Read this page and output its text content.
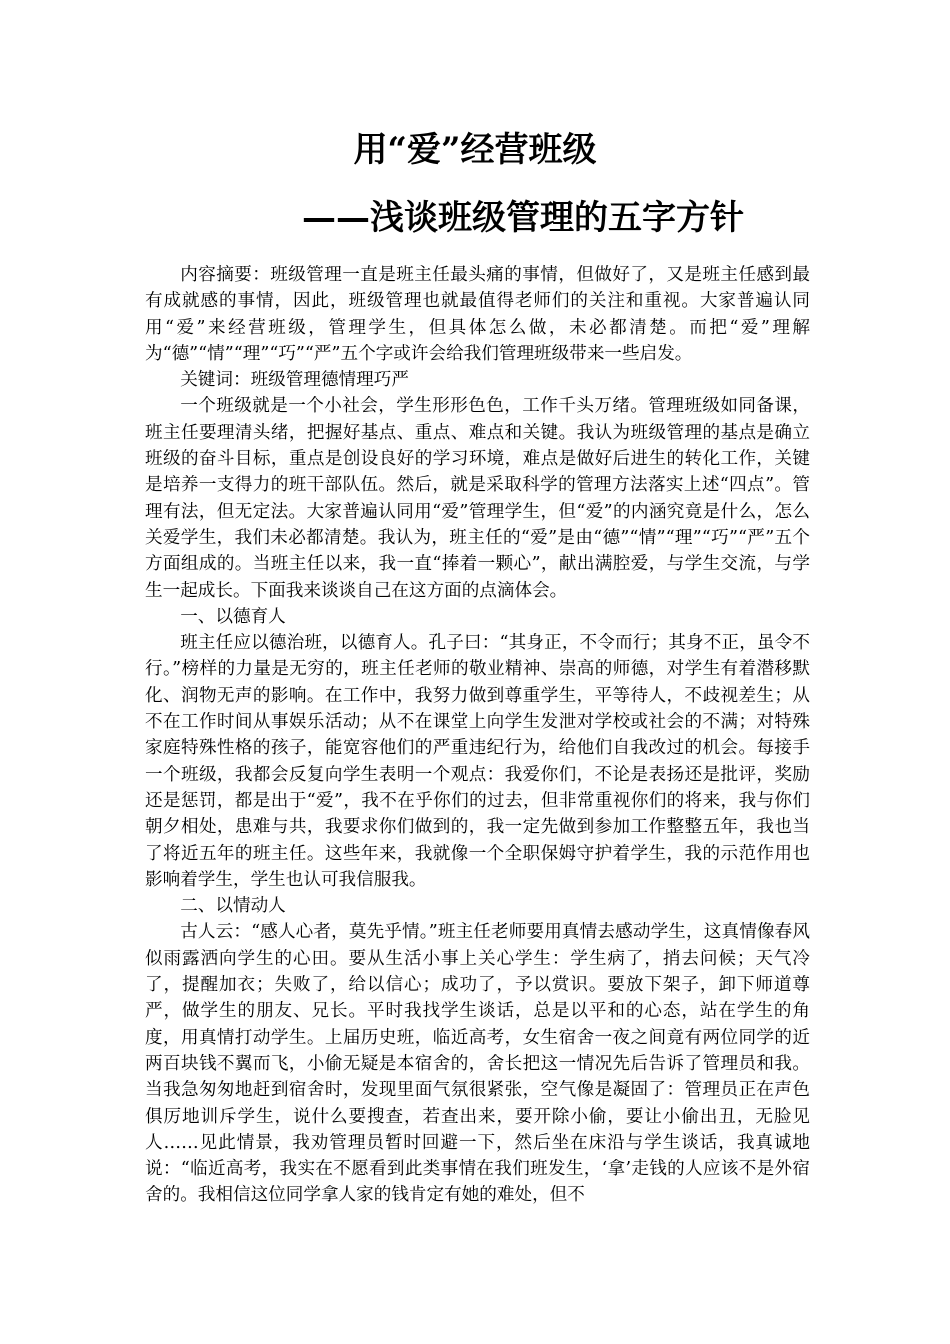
用“爱”经营班级
——浅谈班级管理的五字方针

内容摘要：班级管理一直是班主任最头痛的事情，但做好了，又是班主任感到最有成就感的事情，因此，班级管理也就最值得老师们的关注和重视。大家普遍认同用“爱”来经营班级，管理学生，但具体怎么做，未必都清楚。而把“爱”理解为“德”“情”“理”“巧”“严”五个字或许会给我们管理班级带来一些启发。

关键词：班级管理德情理巧严

一个班级就是一个小社会，学生形形色色，工作千头万绪。管理班级如同备课，班主任要理清头绪，把握好基点、重点、难点和关键。我认为班级管理的基点是确立班级的奋斗目标，重点是创设良好的学习环境，难点是做好后进生的转化工作，关键是培养一支得力的班干部队伍。然后，就是采取科学的管理方法落实上述“四点”。管理有法，但无定法。大家普遍认同用“爱”管理学生，但“爱”的内涵究竟是什么，怎么关爱学生，我们未必都清楚。我认为，班主任的“爱”是由“德”“情”“理”“巧”“严”五个方面组成的。当班主任以来，我一直“捧着一颗心”，献出满腔爱，与学生交流，与学生一起成长。下面我来谈谈自己在这方面的点滴体会。

一、以德育人

班主任应以德治班，以德育人。孔子曰：“其身正，不令而行；其身不正，虽令不行。”榜样的力量是无穷的，班主任老师的敬业精神、崇高的师德，对学生有着潜移默化、润物无声的影响。在工作中，我努力做到尊重学生，平等待人，不歧视差生；从不在工作时间从事娱乐活动；从不在课堂上向学生发泄对学校或社会的不满；对特殊家庭特殊性格的孩子，能宽容他们的严重违纪行为，给他们自我改过的机会。每接手一个班级，我都会反复向学生表明一个观点：我爱你们，不论是表扬还是批评，奖励还是惩罚，都是出于“爱”，我不在乎你们的过去，但非常重视你们的将来，我与你们朝夕相处，患难与共，我要求你们做到的，我一定先做到参加工作整整五年，我也当了将近五年的班主任。这些年来，我就像一个全职保姆守护着学生，我的示范作用也影响着学生，学生也认可我信服我。

二、以情动人

古人云：“感人心者，莫先乎情。”班主任老师要用真情去感动学生，这真情像春风似雨露洒向学生的心田。要从生活小事上关心学生：学生病了，捎去问候；天气冷了，提醒加衣；失败了，给以信心；成功了，予以赏识。要放下架子，卸下师道尊严，做学生的朋友、兄长。平时我找学生谈话，总是以平和的心态，站在学生的角度，用真情打动学生。上届历史班，临近高考，女生宿舍一夜之间竟有两位同学的近两百块钱不翼而飞，小偷无疑是本宿舍的，舍长把这一情况先后告诉了管理员和我。当我急匆匆地赶到宿舍时，发现里面气氛很紧张，空气像是凝固了：管理员正在声色俱厉地训斥学生，说什么要搜查，若查出来，要开除小偷，要让小偷出丑，无脸见人……见此情景，我劝管理员暂时回避一下，然后坐在床沿与学生谈话，我真诚地说：“临近高考，我实在不愿看到此类事情在我们班发生，‘拿’走钱的人应该不是外宿舍的。我相信这位同学拿人家的钱肯定有她的难处，但不
